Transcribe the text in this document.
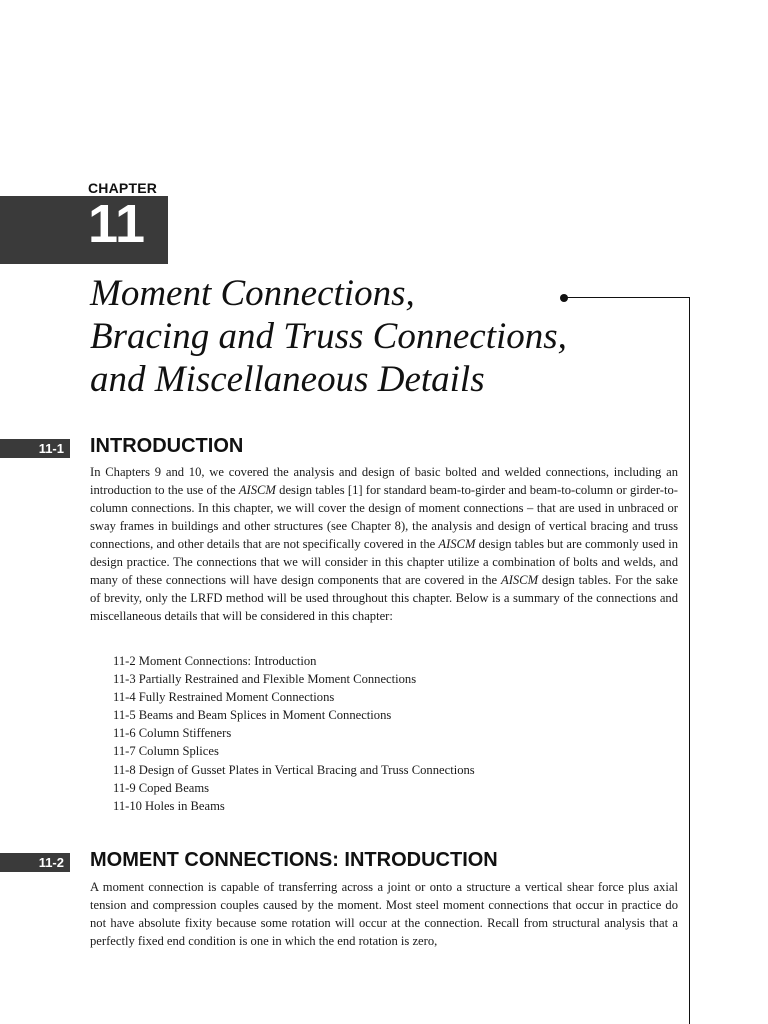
CHAPTER
11
Moment Connections,
Bracing and Truss Connections,
and Miscellaneous Details
11-1 INTRODUCTION

In Chapters 9 and 10, we covered the analysis and design of basic bolted and welded connections, including an introduction to the use of the AISCM design tables [1] for standard beam-to-girder and beam-to-column or girder-to-column connections. In this chapter, we will cover the design of moment connections – that are used in unbraced or sway frames in buildings and other structures (see Chapter 8), the analysis and design of vertical bracing and truss connections, and other details that are not specifically covered in the AISCM design tables but are commonly used in design practice. The connections that we will consider in this chapter utilize a combination of bolts and welds, and many of these connections will have design components that are covered in the AISCM design tables. For the sake of brevity, only the LRFD method will be used throughout this chapter. Below is a summary of the connections and miscellaneous details that will be considered in this chapter:

11-2 Moment Connections: Introduction
11-3 Partially Restrained and Flexible Moment Connections
11-4 Fully Restrained Moment Connections
11-5 Beams and Beam Splices in Moment Connections
11-6 Column Stiffeners
11-7 Column Splices
11-8 Design of Gusset Plates in Vertical Bracing and Truss Connections
11-9 Coped Beams
11-10 Holes in Beams
11-2 MOMENT CONNECTIONS: INTRODUCTION

A moment connection is capable of transferring across a joint or onto a structure a vertical shear force plus axial tension and compression couples caused by the moment. Most steel moment connections that occur in practice do not have absolute fixity because some rotation will occur at the connection. Recall from structural analysis that a perfectly fixed end condition is one in which the end rotation is zero,
